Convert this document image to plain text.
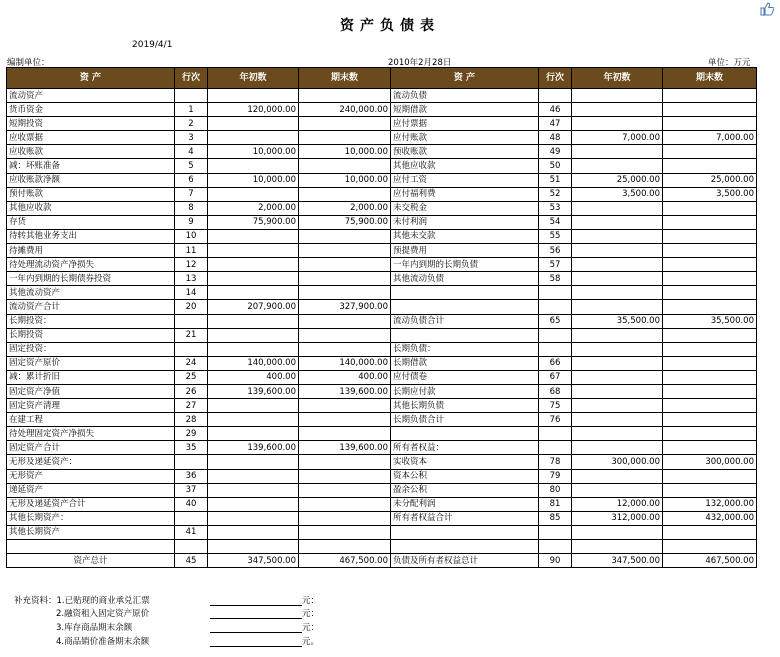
资产负债表
2019/4/1
编制单位：	2010年2月28日	单位：万元
资 产	行次	年初数	期末数	资 产	行次	年初数	期末数
流动资产				流动负债			
货币资金	1	120,000.00	240,000.00	短期借款	46		
短期投资	2			应付票据	47		
应收票据	3			应付账款	48	7,000.00	7,000.00
应收账款	4	10,000.00	10,000.00	预收账款	49		
减：坏账准备	5			其他应收款	50		
应收账款净额	6	10,000.00	10,000.00	应付工资	51	25,000.00	25,000.00
预付账款	7			应付福利费	52	3,500.00	3,500.00
其他应收款	8	2,000.00	2,000.00	未交税金	53		
存货	9	75,900.00	75,900.00	未付利润	54		
待转其他业务支出	10			其他未交款	55		
待摊费用	11			预提费用	56		
待处理流动资产净损失	12			一年内到期的长期负债	57		
一年内到期的长期债券投资	13			其他流动负债	58		
其他流动资产	14						
流动资产合计	20	207,900.00	327,900.00				
长期投资：				流动负债合计	65	35,500.00	35,500.00
长期投资	21						
固定投资：				长期负债：			
固定资产原价	24	140,000.00	140,000.00	长期借款	66		
减：累计折旧	25	400.00	400.00	应付债卷	67		
固定资产净值	26	139,600.00	139,600.00	长期应付款	68		
固定资产清理	27			其他长期负债	75		
在建工程	28			长期负债合计	76		
待处理固定资产净损失	29						
固定资产合计	35	139,600.00	139,600.00	所有者权益：			
无形及递延资产：				实收资本	78	300,000.00	300,000.00
无形资产	36			资本公积	79		
递延资产	37			盈余公积	80		
无形及递延资产合计	40			未分配利润	81	12,000.00	132,000.00
其他长期资产：				所有者权益合计	85	312,000.00	432,000.00
其他长期资产	41						

资产总计	45	347,500.00	467,500.00	负债及所有者权益总计	90	347,500.00	467,500.00
补充资料：1.已贴现的商业承兑汇票	元：
2.融资租入固定资产原价	元：
3.库存商品期末余额	元：
4.商品销价准备期末余额	元。
